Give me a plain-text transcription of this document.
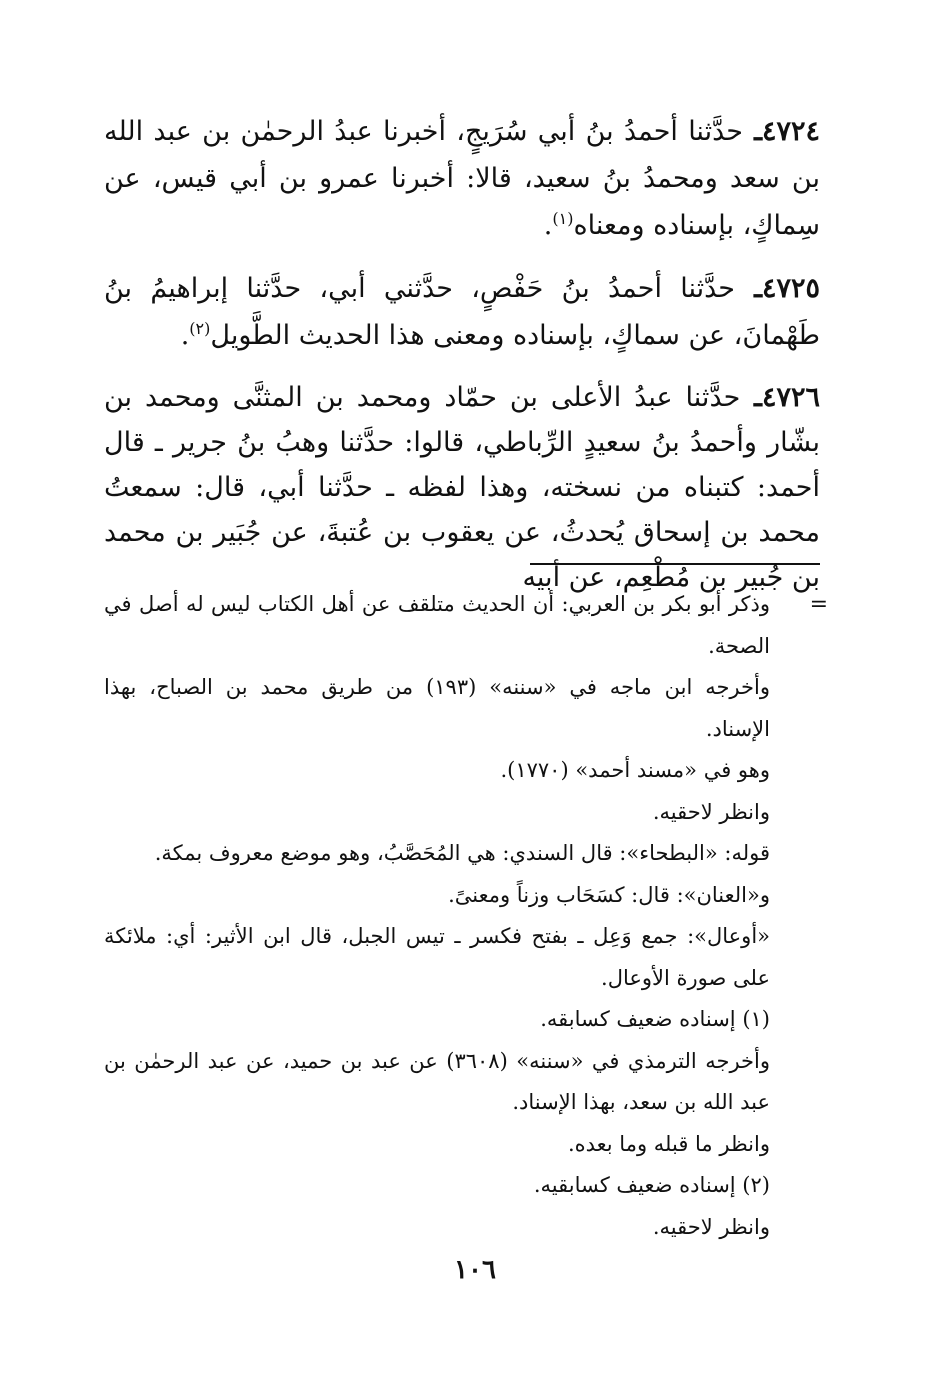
٤٧٢٤ ـ حدَّثنا أحمدُ بنُ أبي سُرَيجٍ، أخبرنا عبدُ الرحمٰن بن عبد الله بن سعد ومحمدُ بنُ سعيد، قالا: أخبرنا عمرو بن أبي قيس، عن سِماكٍ، بإسناده ومعناه$^{(١)}$.

٤٧٢٥ ـ حدَّثنا أحمدُ بنُ حَفْصٍ، حدَّثني أبي، حدَّثنا إبراهيمُ بنُ طَهْمانَ، عن سماكٍ، بإسناده ومعنى هذا الحديث الطَّويل$^{(٢)}$.

٤٧٢٦ ـ حدَّثنا عبدُ الأعلى بن حمّاد ومحمد بن المثنَّى ومحمد بن بشّار وأحمدُ بنُ سعيدٍ الرِّباطي، قالوا: حدَّثنا وهبُ بنُ جرير ـ قال أحمد: كتبناه من نسخته، وهذا لفظه ـ حدَّثنا أبي، قال: سمعتُ محمد بن إسحاق يُحدثُ، عن يعقوب بن عُتبةَ، عن جُبَير بن محمد بن جُبير بن مُطْعِم، عن أبيه

=
وذكر أبو بكر بن العربي: أن الحديث متلقف عن أهل الكتاب ليس له أصل في الصحة.

وأخرجه ابن ماجه في «سننه» (١٩٣) من طريق محمد بن الصباح، بهذا الإسناد.

وهو في «مسند أحمد» (١٧٧٠).

وانظر لاحقيه.

قوله: «البطحاء»: قال السندي: هي المُحَصَّبُ، وهو موضع معروف بمكة.

و«العنان»: قال: كسَحَاب وزناً ومعنىً.

«أوعال»: جمع وَعِل ـ بفتح فكسر ـ تيس الجبل، قال ابن الأثير: أي: ملائكة على صورة الأوعال.

(١) إسناده ضعيف كسابقه.

وأخرجه الترمذي في «سننه» (٣٦٠٨) عن عبد بن حميد، عن عبد الرحمٰن بن عبد الله بن سعد، بهذا الإسناد.

وانظر ما قبله وما بعده.

(٢) إسناده ضعيف كسابقيه.

وانظر لاحقيه.

١٠٦
